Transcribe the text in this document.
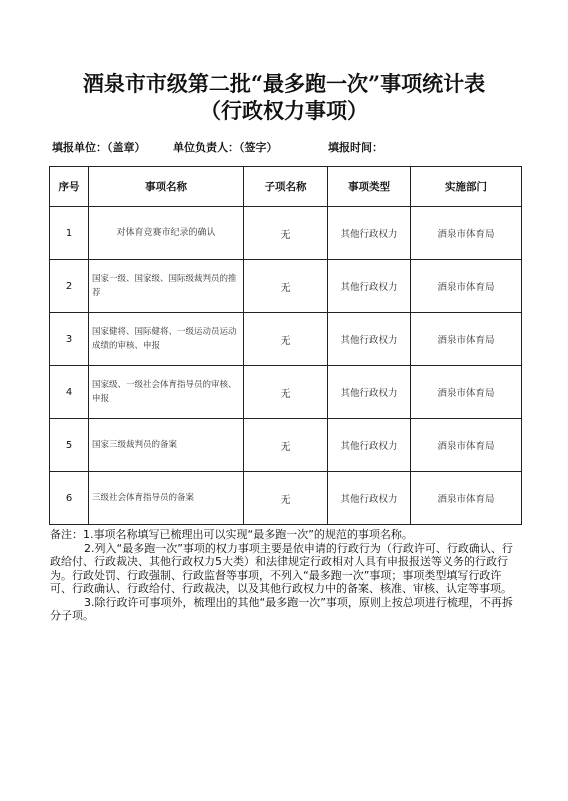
酒泉市市级第二批“最多跑一次”事项统计表
（行政权力事项）
填报单位：（盖章）	单位负责人：（签字）	填报时间：
序号	事项名称	子项名称	事项类型	实施部门
1	对体育竞赛市纪录的确认	无	其他行政权力	酒泉市体育局
2	国家一级、国家级、国际级裁判员的推荐	无	其他行政权力	酒泉市体育局
3	国家健将、国际健将、一级运动员运动成绩的审核、申报	无	其他行政权力	酒泉市体育局
4	国家级、一级社会体育指导员的审核、申报	无	其他行政权力	酒泉市体育局
5	国家三级裁判员的备案	无	其他行政权力	酒泉市体育局
6	三级社会体育指导员的备案	无	其他行政权力	酒泉市体育局

备注：1.事项名称填写已梳理出可以实现“最多跑一次”的规范的事项名称。

2.列入“最多跑一次”事项的权力事项主要是依申请的行政行为（行政许可、行政确认、行政给付、行政裁决、其他行政权力5大类）和法律规定行政相对人具有申报报送等义务的行政行为。行政处罚、行政强制、行政监督等事项，不列入“最多跑一次”事项；事项类型填写行政许可、行政确认、行政给付、行政裁决，以及其他行政权力中的备案、核准、审核、认定等事项。

3.除行政许可事项外，梳理出的其他“最多跑一次”事项，原则上按总项进行梳理，不再拆分子项。
